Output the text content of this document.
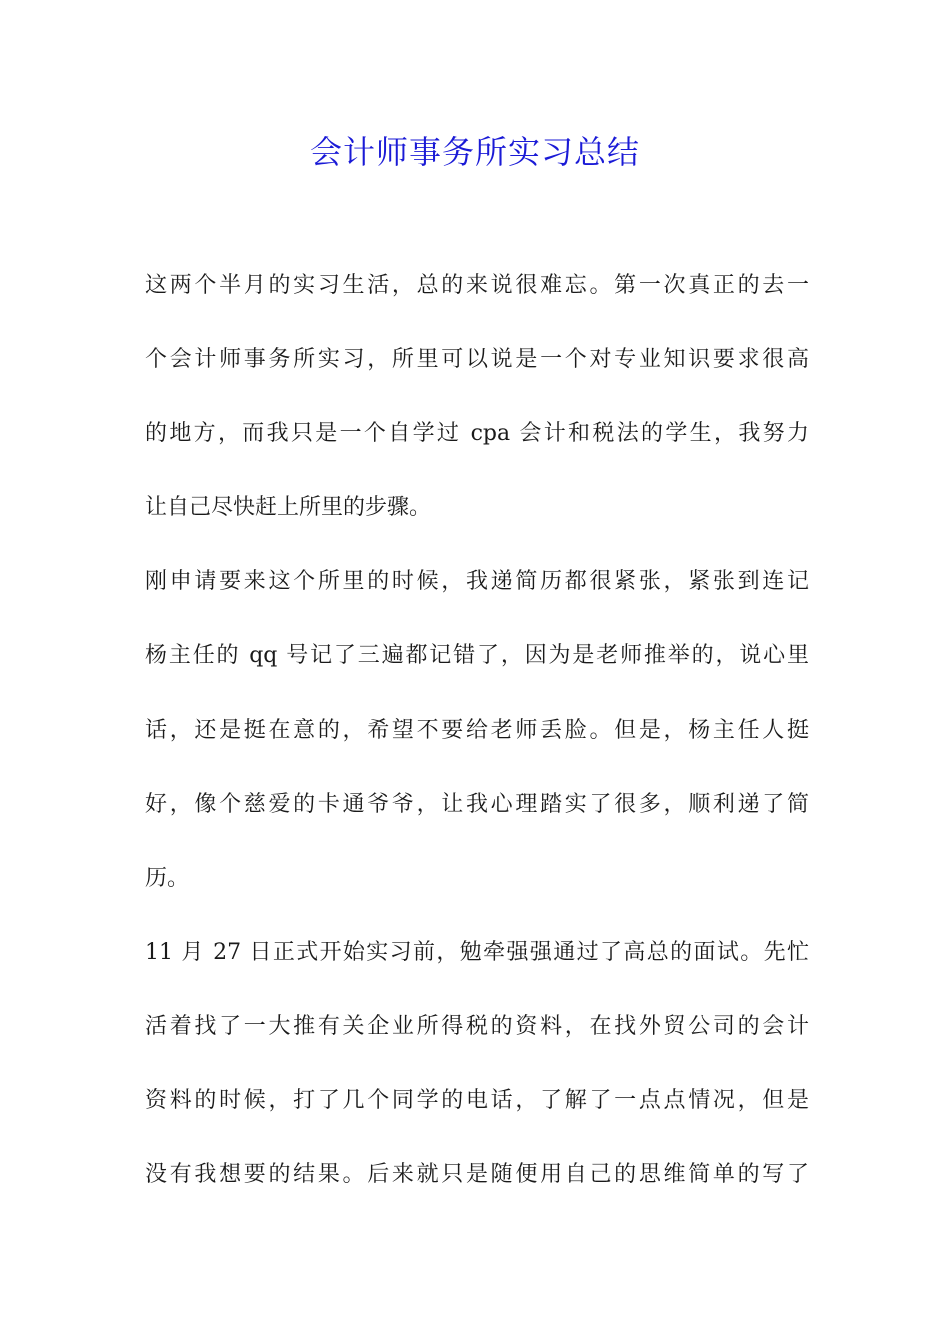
会计师事务所实习总结
这两个半月的实习生活，总的来说很难忘。第一次真正的去一
个会计师事务所实习，所里可以说是一个对专业知识要求很高
的地方，而我只是一个自学过 cpa 会计和税法的学生，我努力
让自己尽快赶上所里的步骤。
刚申请要来这个所里的时候，我递简历都很紧张，紧张到连记
杨主任的 qq 号记了三遍都记错了，因为是老师推举的，说心里
话，还是挺在意的，希望不要给老师丢脸。但是，杨主任人挺
好，像个慈爱的卡通爷爷，让我心理踏实了很多，顺利递了简
历。
11 月 27 日正式开始实习前，勉牵强强通过了高总的面试。先忙
活着找了一大推有关企业所得税的资料，在找外贸公司的会计
资料的时候，打了几个同学的电话，了解了一点点情况，但是
没有我想要的结果。后来就只是随便用自己的思维简单的写了
